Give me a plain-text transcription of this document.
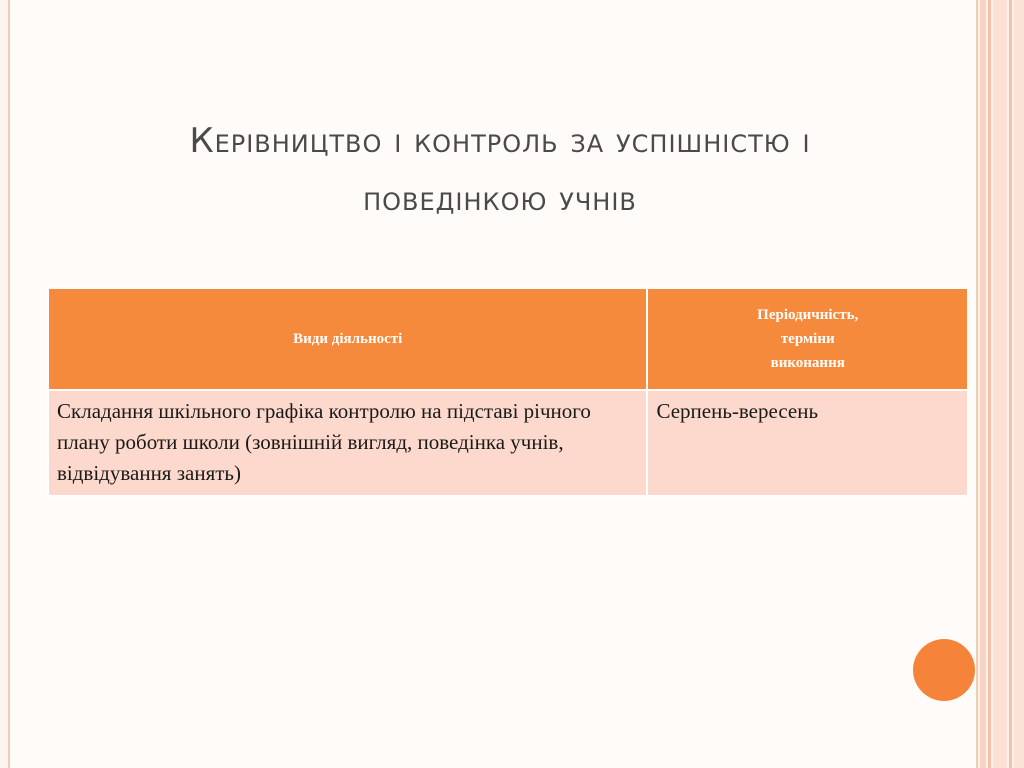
Керівництво і контроль за успішністю і
поведінкою учнів
Види діяльності	Періодичність,
терміни
виконання

Складання шкільного графіка контролю на підставі річного плану роботи школи (зовнішній вигляд, поведінка учнів, відвідування занять)	Серпень-вересень
